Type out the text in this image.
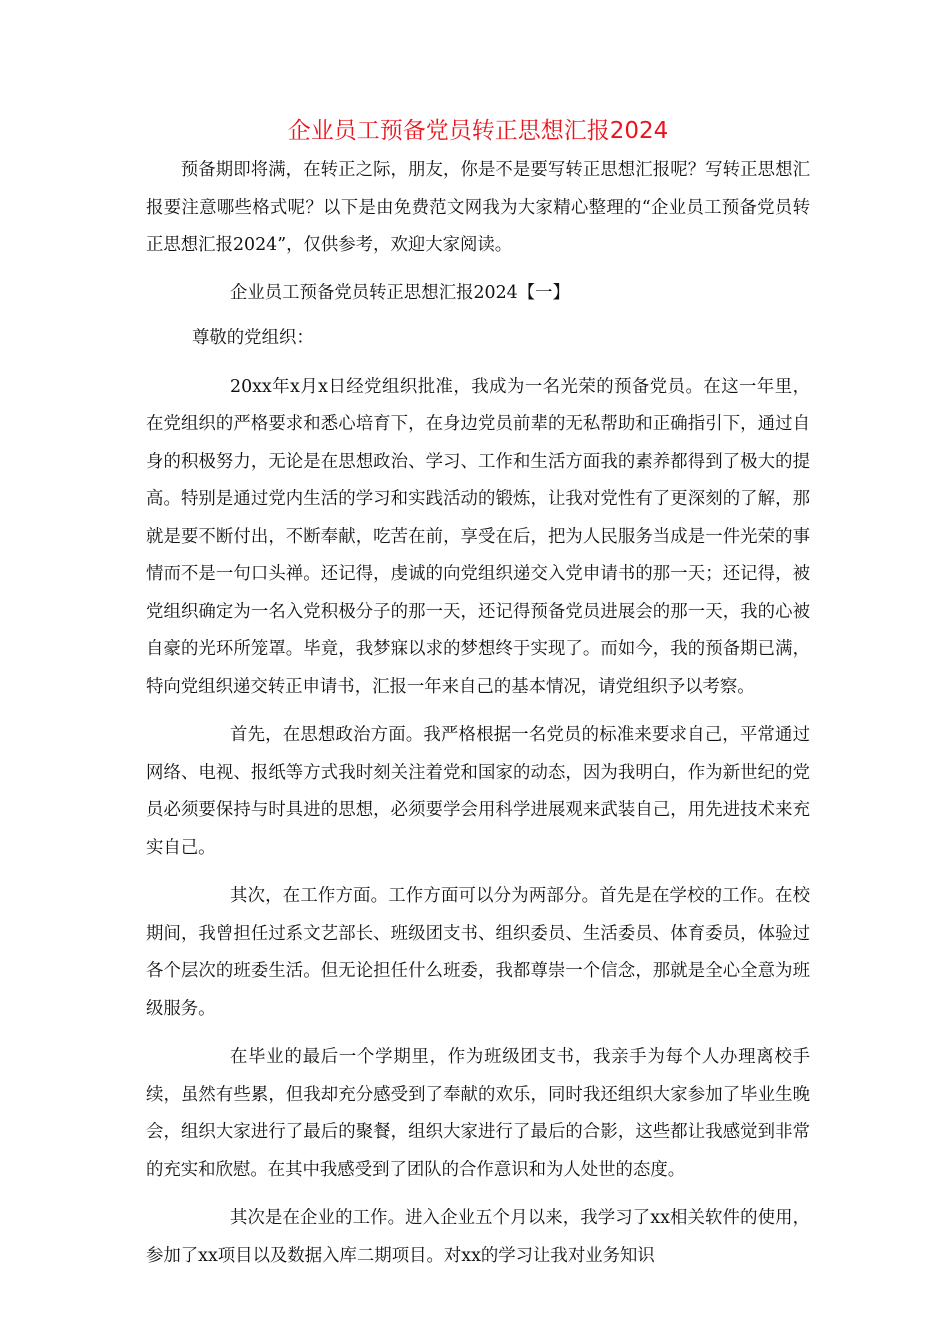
企业员工预备党员转正思想汇报2024

预备期即将满，在转正之际，朋友，你是不是要写转正思想汇报呢？写转正思想汇报要注意哪些格式呢？以下是由免费范文网我为大家精心整理的“企业员工预备党员转正思想汇报2024”，仅供参考，欢迎大家阅读。

企业员工预备党员转正思想汇报2024【一】

尊敬的党组织：

20xx年x月x日经党组织批准，我成为一名光荣的预备党员。在这一年里，在党组织的严格要求和悉心培育下，在身边党员前辈的无私帮助和正确指引下，通过自身的积极努力，无论是在思想政治、学习、工作和生活方面我的素养都得到了极大的提高。特别是通过党内生活的学习和实践活动的锻炼，让我对党性有了更深刻的了解，那就是要不断付出，不断奉献，吃苦在前，享受在后，把为人民服务当成是一件光荣的事情而不是一句口头禅。还记得，虔诚的向党组织递交入党申请书的那一天；还记得，被党组织确定为一名入党积极分子的那一天，还记得预备党员进展会的那一天，我的心被自豪的光环所笼罩。毕竟，我梦寐以求的梦想终于实现了。而如今，我的预备期已满，特向党组织递交转正申请书，汇报一年来自己的基本情况，请党组织予以考察。

首先，在思想政治方面。我严格根据一名党员的标准来要求自己，平常通过网络、电视、报纸等方式我时刻关注着党和国家的动态，因为我明白，作为新世纪的党员必须要保持与时具进的思想，必须要学会用科学进展观来武装自己，用先进技术来充实自己。

其次，在工作方面。工作方面可以分为两部分。首先是在学校的工作。在校期间，我曾担任过系文艺部长、班级团支书、组织委员、生活委员、体育委员，体验过各个层次的班委生活。但无论担任什么班委，我都尊崇一个信念，那就是全心全意为班级服务。

在毕业的最后一个学期里，作为班级团支书，我亲手为每个人办理离校手续，虽然有些累，但我却充分感受到了奉献的欢乐，同时我还组织大家参加了毕业生晚会，组织大家进行了最后的聚餐，组织大家进行了最后的合影，这些都让我感觉到非常的充实和欣慰。在其中我感受到了团队的合作意识和为人处世的态度。

其次是在企业的工作。进入企业五个月以来，我学习了xx相关软件的使用，参加了xx项目以及数据入库二期项目。对xx的学习让我对业务知识
